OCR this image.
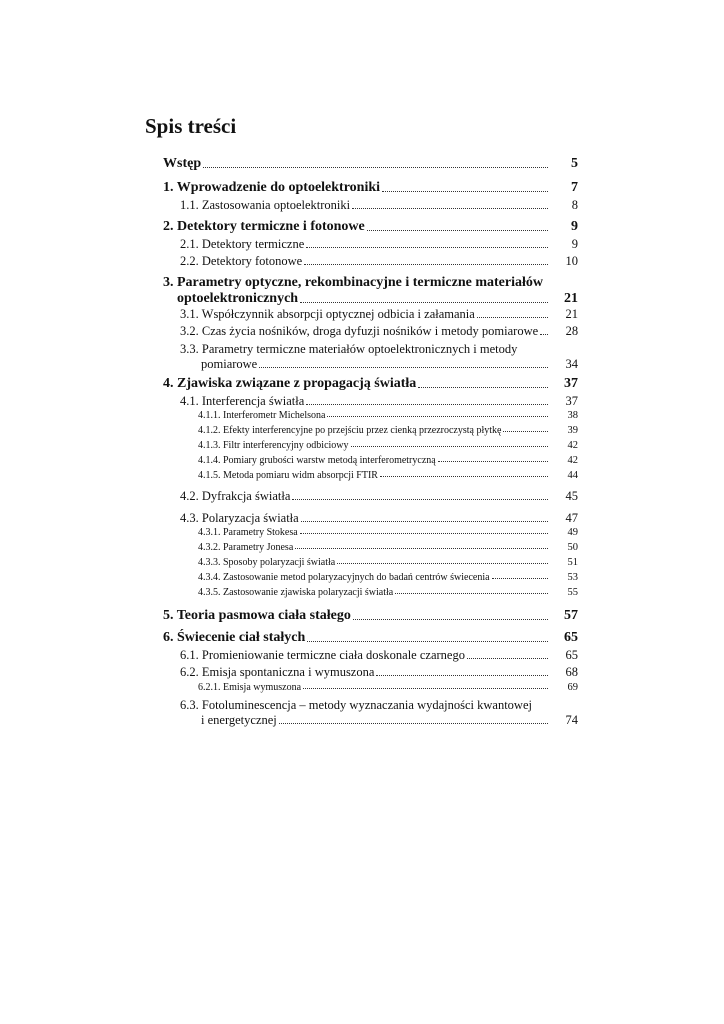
Spis treści
Wstęp	5
1. Wprowadzenie do optoelektroniki	7
1.1. Zastosowania optoelektroniki	8
2. Detektory termiczne i fotonowe	9
2.1. Detektory termiczne	9
2.2. Detektory fotonowe	10
3. Parametry optyczne, rekombinacyjne i termiczne materiałów
optoelektronicznych	21
3.1. Współczynnik absorpcji optycznej odbicia i załamania	21
3.2. Czas życia nośników, droga dyfuzji nośników i metody pomiarowe	28
3.3. Parametry termiczne materiałów optoelektronicznych i metody
pomiarowe	34
4. Zjawiska związane z propagacją światła	37
4.1. Interferencja światła	37
4.1.1. Interferometr Michelsona	38
4.1.2. Efekty interferencyjne po przejściu przez cienką przezroczystą płytkę	39
4.1.3. Filtr interferencyjny odbiciowy	42
4.1.4. Pomiary grubości warstw metodą interferometryczną	42
4.1.5. Metoda pomiaru widm absorpcji FTIR	44
4.2. Dyfrakcja światła	45
4.3. Polaryzacja światła	47
4.3.1. Parametry Stokesa	49
4.3.2. Parametry Jonesa	50
4.3.3. Sposoby polaryzacji światła	51
4.3.4. Zastosowanie metod polaryzacyjnych do badań centrów świecenia	53
4.3.5. Zastosowanie zjawiska polaryzacji światła	55
5. Teoria pasmowa ciała stałego	57
6. Świecenie ciał stałych	65
6.1. Promieniowanie termiczne ciała doskonale czarnego	65
6.2. Emisja spontaniczna i wymuszona	68
6.2.1. Emisja wymuszona	69
6.3. Fotoluminescencja – metody wyznaczania wydajności kwantowej
i energetycznej	74
